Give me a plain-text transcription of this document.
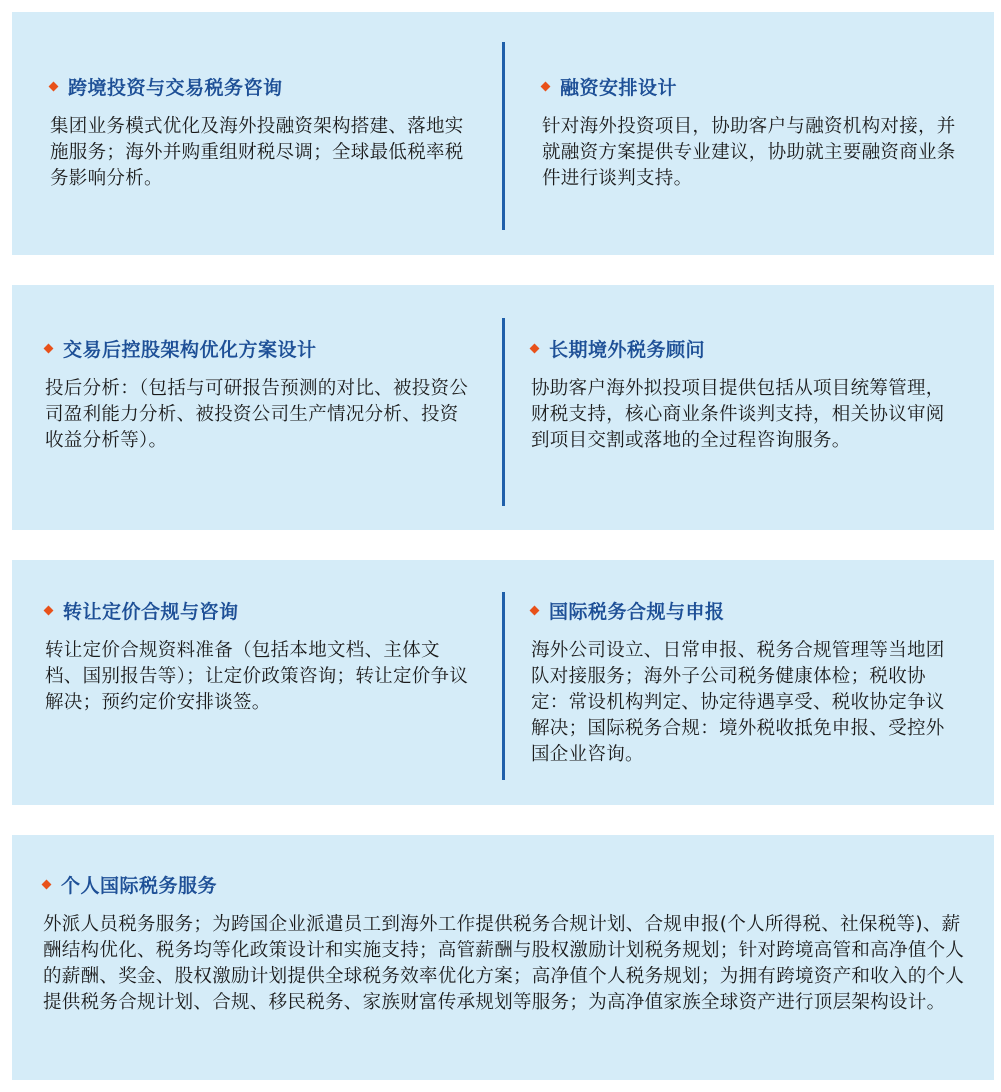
跨境投资与交易税务咨询
集团业务模式优化及海外投融资架构搭建、落地实施服务；海外并购重组财税尽调；全球最低税率税务影响分析。
融资安排设计
针对海外投资项目，协助客户与融资机构对接，并就融资方案提供专业建议，协助就主要融资商业条件进行谈判支持。
交易后控股架构优化方案设计
投后分析：（包括与可研报告预测的对比、被投资公司盈利能力分析、被投资公司生产情况分析、投资收益分析等）。
长期境外税务顾问
协助客户海外拟投项目提供包括从项目统筹管理，财税支持，核心商业条件谈判支持，相关协议审阅到项目交割或落地的全过程咨询服务。
转让定价合规与咨询
转让定价合规资料准备（包括本地文档、主体文档、国别报告等）；让定价政策咨询；转让定价争议解决；预约定价安排谈签。
国际税务合规与申报
海外公司设立、日常申报、税务合规管理等当地团队对接服务；海外子公司税务健康体检；税收协定：常设机构判定、协定待遇享受、税收协定争议解决；国际税务合规：境外税收抵免申报、受控外国企业咨询。
个人国际税务服务
外派人员税务服务；为跨国企业派遣员工到海外工作提供税务合规计划、合规申报(个人所得税、社保税等)、薪酬结构优化、税务均等化政策设计和实施支持；高管薪酬与股权激励计划税务规划；针对跨境高管和高净值个人的薪酬、奖金、股权激励计划提供全球税务效率优化方案；高净值个人税务规划；为拥有跨境资产和收入的个人提供税务合规计划、合规、移民税务、家族财富传承规划等服务；为高净值家族全球资产进行顶层架构设计。
